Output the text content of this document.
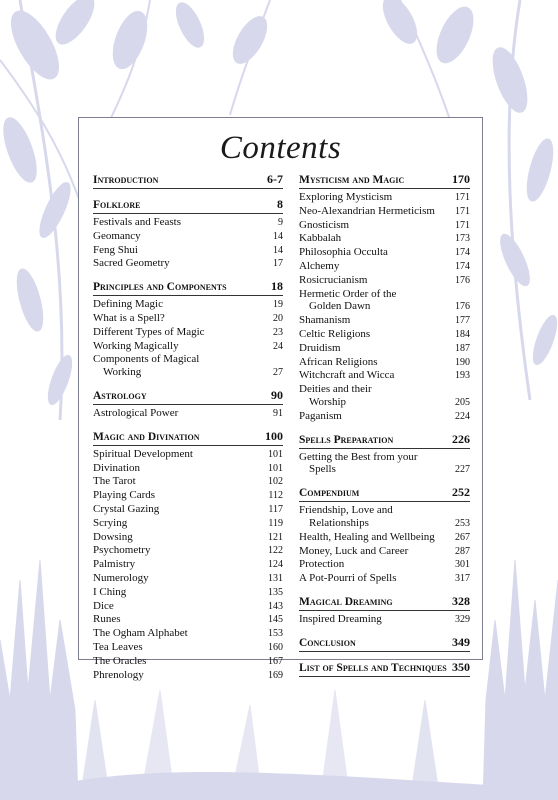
Contents
Introduction	6-7
Folklore	8
Festivals and Feasts	9
Geomancy	14
Feng Shui	14
Sacred Geometry	17
Principles and Components	18
Defining Magic	19
What is a Spell?	20
Different Types of Magic	23
Working Magically	24
Components of Magical
Working	27
Astrology	90
Astrological Power	91
Magic and Divination	100
Spiritual Development	101
Divination	101
The Tarot	102
Playing Cards	112
Crystal Gazing	117
Scrying	119
Dowsing	121
Psychometry	122
Palmistry	124
Numerology	131
I Ching	135
Dice	143
Runes	145
The Ogham Alphabet	153
Tea Leaves	160
The Oracles	167
Phrenology	169
Mysticism and Magic	170
Exploring Mysticism	171
Neo-Alexandrian Hermeticism 171
Gnosticism	171
Kabbalah	173
Philosophia Occulta	174
Alchemy	174
Rosicrucianism	176
Hermetic Order of the
Golden Dawn	176
Shamanism	177
Celtic Religions	184
Druidism	187
African Religions	190
Witchcraft and Wicca	193
Deities and their
Worship	205
Paganism	224
Spells Preparation	226
Getting the Best from your
Spells	227
Compendium	252
Friendship, Love and
Relationships	253
Health, Healing and Wellbeing 267
Money, Luck and Career	287
Protection	301
A Pot-Pourri of Spells	317
Magical Dreaming	328
Inspired Dreaming	329
Conclusion	349
List of Spells and Techniques 350
